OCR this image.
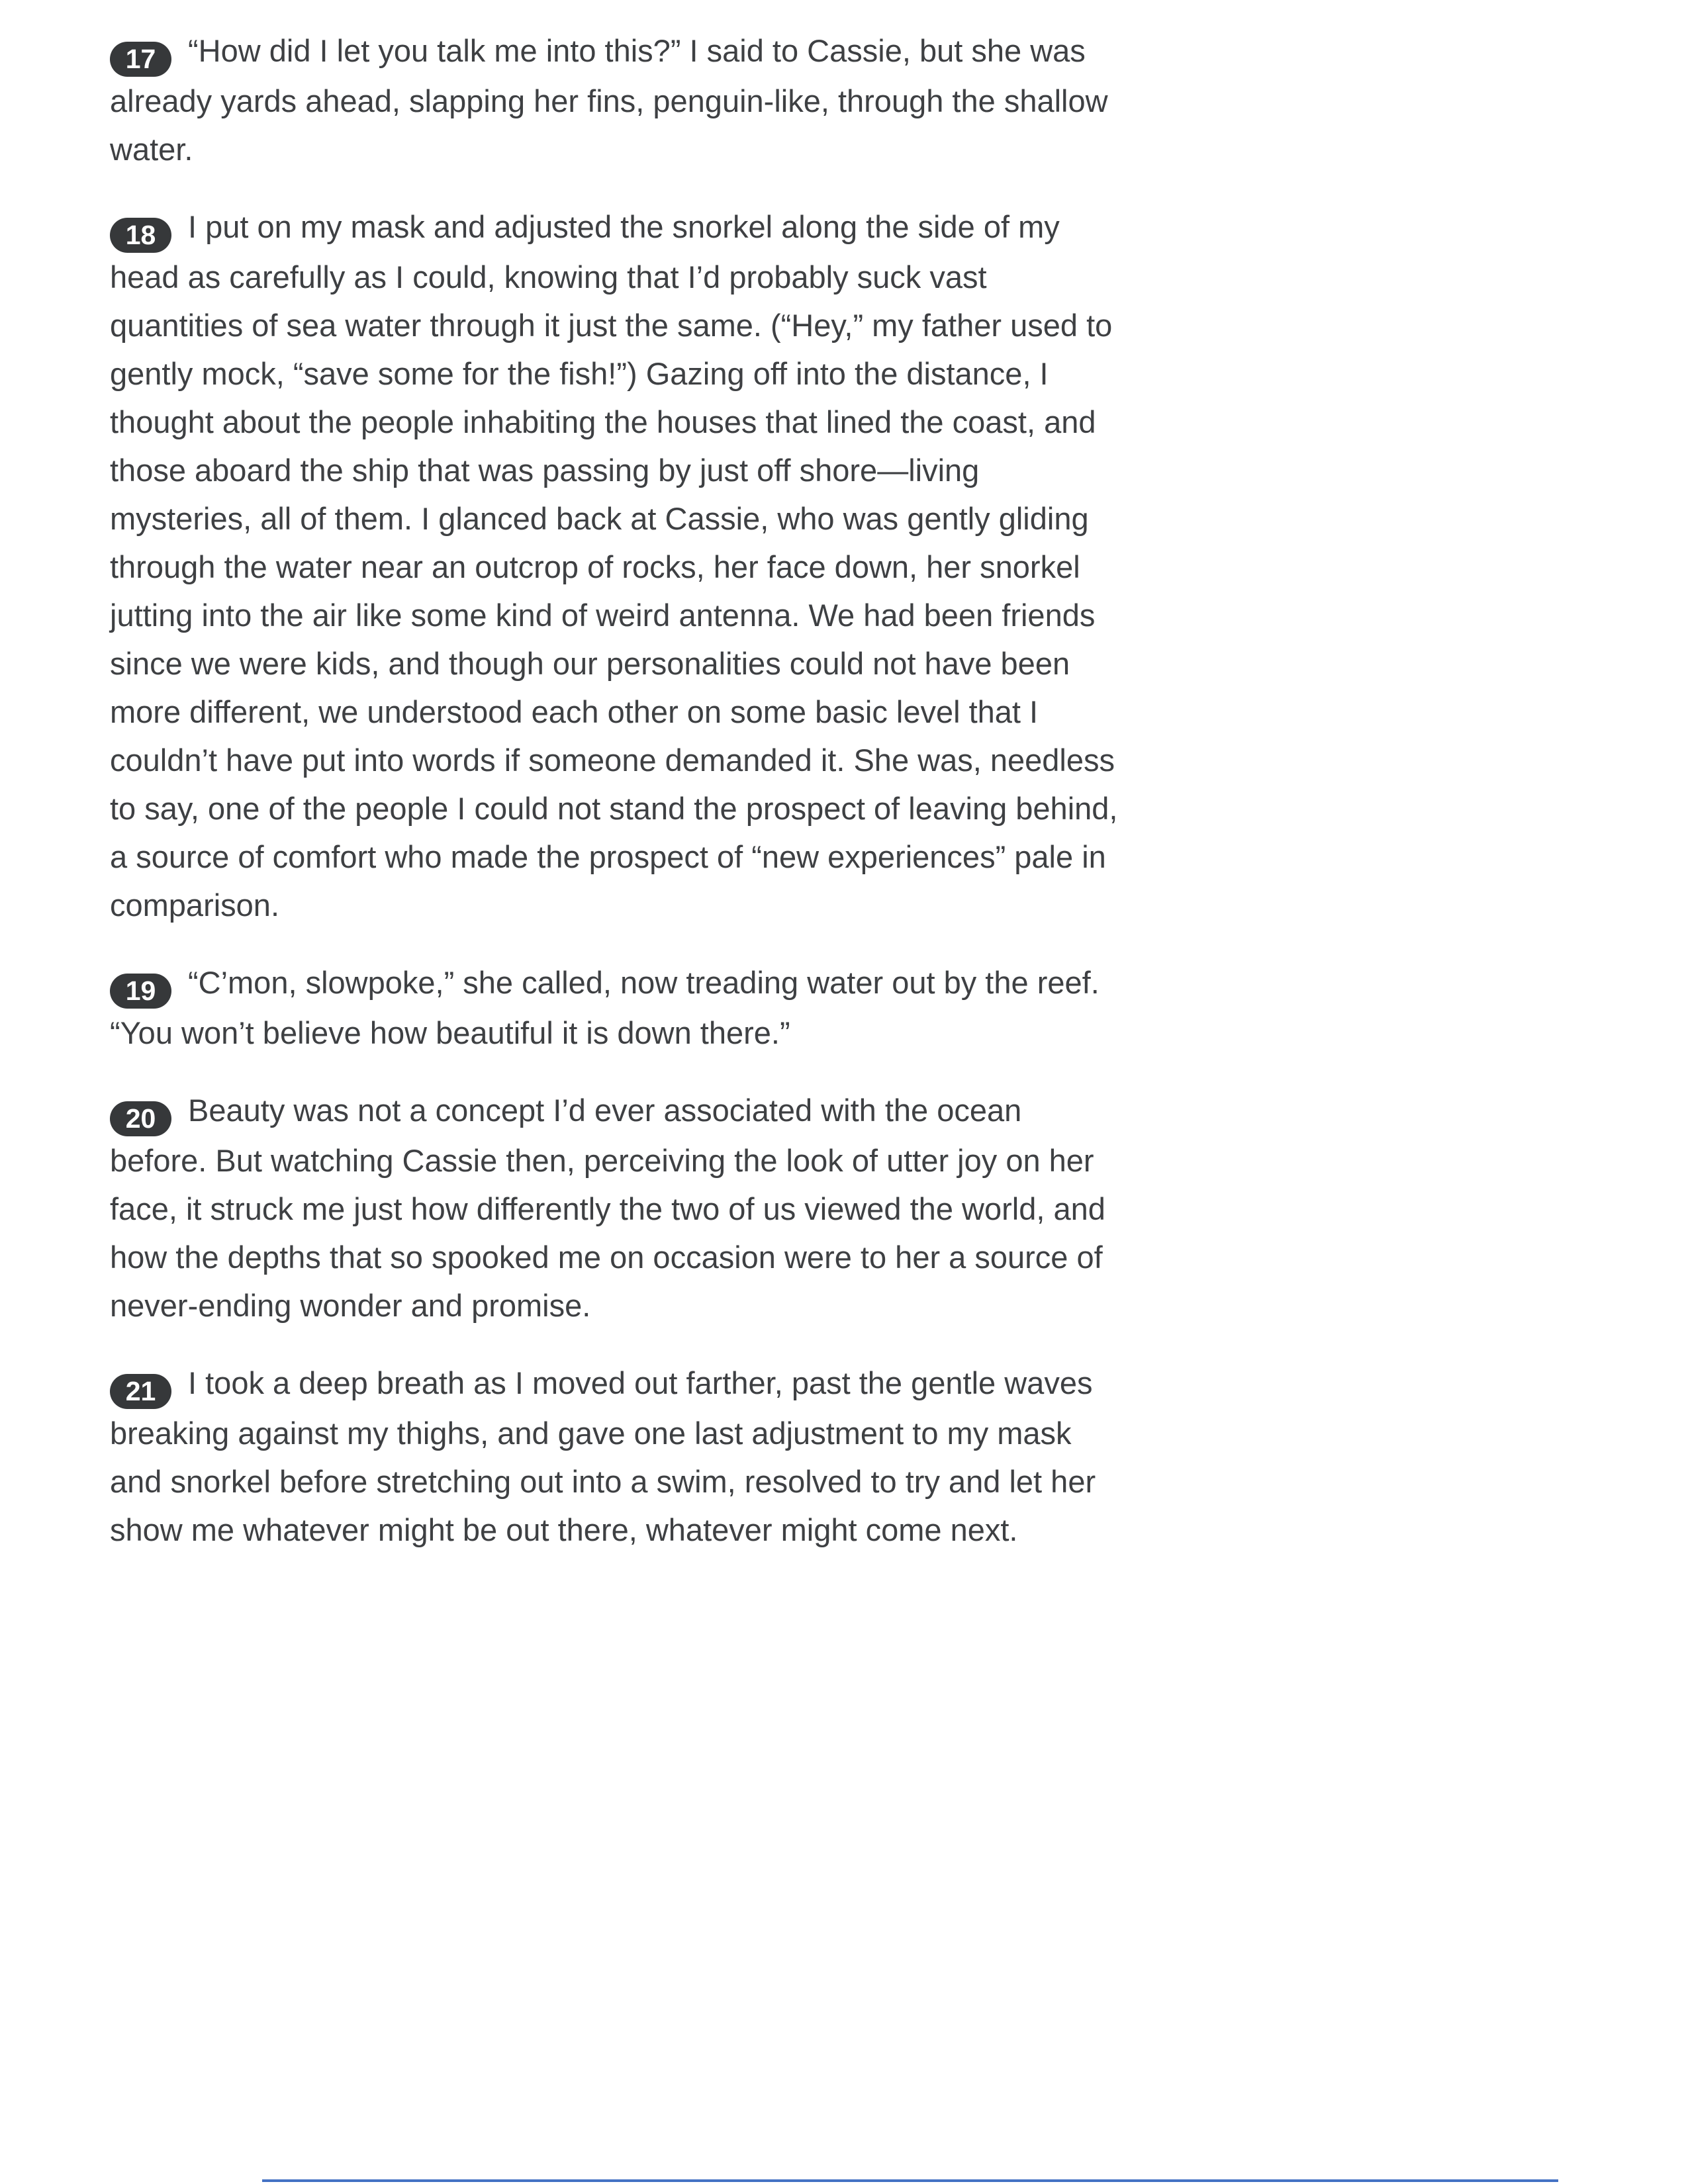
17 “How did I let you talk me into this?” I said to Cassie, but she was already yards ahead, slapping her fins, penguin-like, through the shallow water.

18 I put on my mask and adjusted the snorkel along the side of my head as carefully as I could, knowing that I’d probably suck vast quantities of sea water through it just the same. (“Hey,” my father used to gently mock, “save some for the fish!”) Gazing off into the distance, I thought about the people inhabiting the houses that lined the coast, and those aboard the ship that was passing by just off shore—living mysteries, all of them. I glanced back at Cassie, who was gently gliding through the water near an outcrop of rocks, her face down, her snorkel jutting into the air like some kind of weird antenna. We had been friends since we were kids, and though our personalities could not have been more different, we understood each other on some basic level that I couldn’t have put into words if someone demanded it. She was, needless to say, one of the people I could not stand the prospect of leaving behind, a source of comfort who made the prospect of “new experiences” pale in comparison.

19 “C’mon, slowpoke,” she called, now treading water out by the reef. “You won’t believe how beautiful it is down there.”

20 Beauty was not a concept I’d ever associated with the ocean before. But watching Cassie then, perceiving the look of utter joy on her face, it struck me just how differently the two of us viewed the world, and how the depths that so spooked me on occasion were to her a source of never-ending wonder and promise.

21 I took a deep breath as I moved out farther, past the gentle waves breaking against my thighs, and gave one last adjustment to my mask and snorkel before stretching out into a swim, resolved to try and let her show me whatever might be out there, whatever might come next.
